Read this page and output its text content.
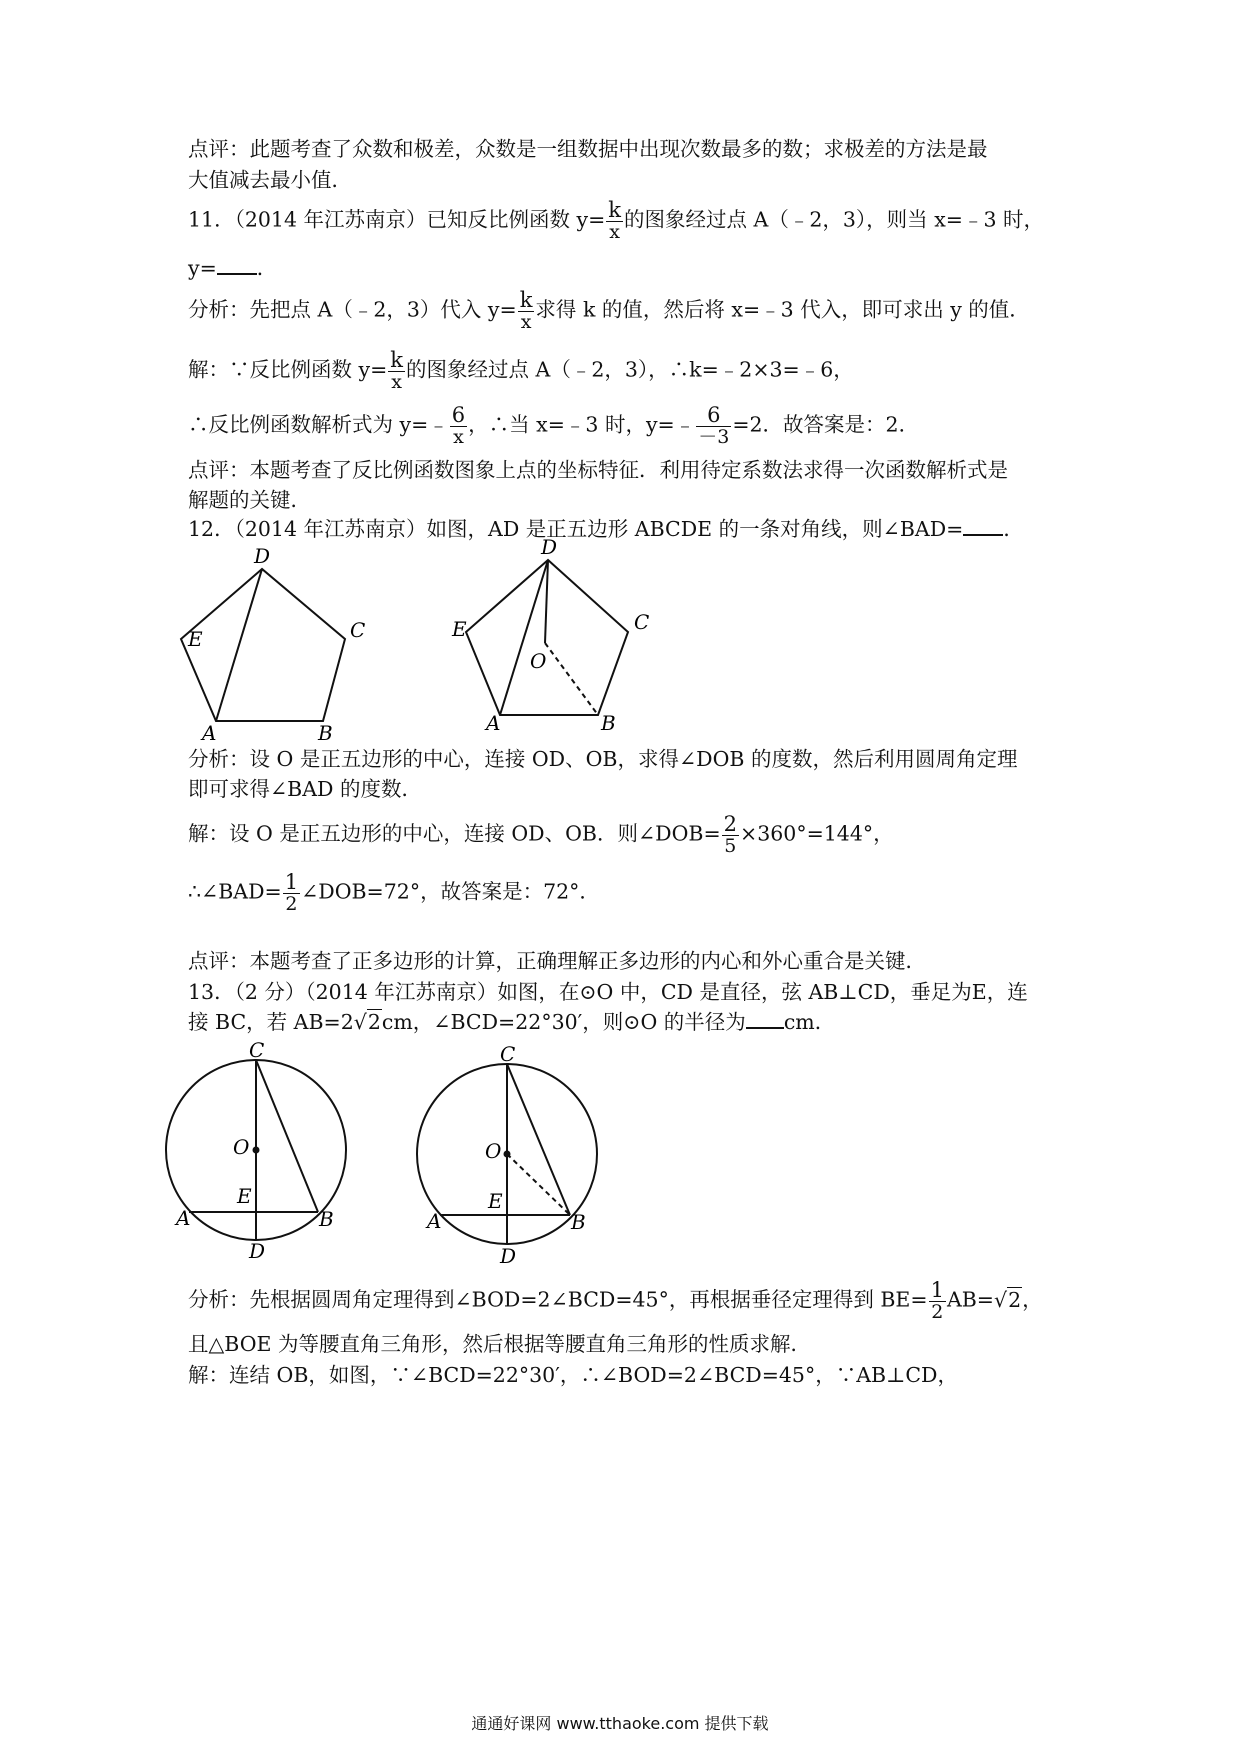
点评：此题考查了众数和极差，众数是一组数据中出现次数最多的数；求极差的方法是最
大值减去最小值．
11．（2014 年江苏南京）已知反比例函数 $y= \frac{k}{x}$ 的图象经过点 A（﹣2，3），则当 x=﹣3 时，
y= ．
分析：先把点 A（﹣2，3）代入 $y= \frac{k}{x}$ 求得 k 的值，然后将 x=﹣3 代入，即可求出 y 的值．
解：∵反比例函数 $y= \frac{k}{x}$ 的图象经过点 A（﹣2，3），∴k=﹣2×3=﹣6，
∴反比例函数解析式为 y=﹣ $\frac{6}{x}$ ，∴当 x=﹣3 时，y=﹣ $\frac{6}{-3} =2$．故答案是：2．
点评：本题考查了反比例函数图象上点的坐标特征．利用待定系数法求得一次函数解析式是
解题的关键．
12．（2014 年江苏南京）如图，AD 是正五边形 ABCDE 的一条对角线，则∠BAD= ．
D
E	C
A	B
D
E	C
O
A	B
C
O
E
A	B
D
C
O
E
A	B
D
分析：设 O 是正五边形的中心，连接 OD、OB，求得∠DOB 的度数，然后利用圆周角定理
即可求得∠BAD 的度数．
解：设 O 是正五边形的中心，连接 OD、OB．则∠DOB= $\frac{2}{5} \times 360^\circ=144^\circ$，
∴∠BAD= $\frac{1}{2}$ ∠DOB=72°，故答案是：72°．
点评：本题考查了正多边形的计算，正确理解正多边形的内心和外心重合是关键．
13．（2 分）（2014 年江苏南京）如图，在⊙O 中，CD 是直径，弦 AB⊥CD，垂足为E，连
接 BC，若 AB=2√2cm，∠BCD=22°30′，则⊙O 的半径为 cm．
分析：先根据圆周角定理得到∠BOD=2∠BCD=45°，再根据垂径定理得到 $BE= \frac{1}{2} AB=√2$，
且△BOE 为等腰直角三角形，然后根据等腰直角三角形的性质求解．
解：连结 OB，如图，∵∠BCD=22°30′，∴∠BOD=2∠BCD=45°，∵AB⊥CD，
通通好课网 www.tthaoke.com 提供下载
